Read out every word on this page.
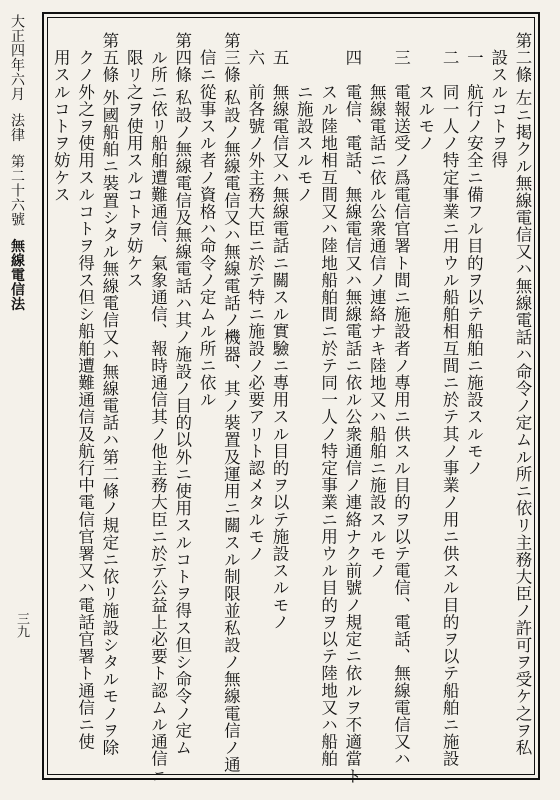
大正四年六月法律第二十六號無線電信法
三九	第二條 左ニ掲クル無線電信又ハ無線電話ハ命令ノ定ムル所ニ依リ主務大臣ノ許可ヲ受ケ之ヲ私
　設スルコトヲ得
　一　航行ノ安全ニ備フル目的ヲ以テ船舶ニ施設スルモノ
　二　同一人ノ特定事業ニ用ウル船舶相互間ニ於テ其ノ事業ノ用ニ供スル目的ヲ以テ船舶ニ施設
　　　スルモノ
　三　電報送受ノ爲電信官署ト間ニ施設者ノ專用ニ供スル目的ヲ以テ電信、電話、無線電信又ハ
　　　無線電話ニ依ル公衆通信ノ連絡ナキ陸地又ハ船舶ニ施設スルモノ
　四　電信、電話、無線電信又ハ無線電話ニ依ル公衆通信ノ連絡ナク前號ノ規定ニ依ルヲ不適當ト
　　　スル陸地相互間又ハ陸地船舶間ニ於テ同一人ノ特定事業ニ用ウル目的ヲ以テ陸地又ハ船舶
　　　ニ施設スルモノ
　五　無線電信又ハ無線電話ニ關スル實驗ニ專用スル目的ヲ以テ施設スルモノ
　六　前各號ノ外主務大臣ニ於テ特ニ施設ノ必要アリト認メタルモノ
第三條 私設ノ無線電信又ハ無線電話ノ機器、其ノ裝置及運用ニ關スル制限並私設ノ無線電信ノ通
　信ニ從事スル者ノ資格ハ命令ノ定ムル所ニ依ル
第四條 私設ノ無線電信及無線電話ハ其ノ施設ノ目的以外ニ使用スルコトヲ得ス但シ命令ノ定ム
　ル所ニ依リ船舶遭難通信、氣象通信、報時通信其ノ他主務大臣ニ於テ公益上必要ト認ムル通信ニ
　限リ之ヲ使用スルコトヲ妨ケス
第五條 外國船舶ニ裝置シタル無線電信又ハ無線電話ハ第二條ノ規定ニ依リ施設シタルモノヲ除
　クノ外之ヲ使用スルコトヲ得ス但シ船舶遭難通信及航行中電信官署又ハ電話官署ト通信ニ使
　用スルコトヲ妨ケス
